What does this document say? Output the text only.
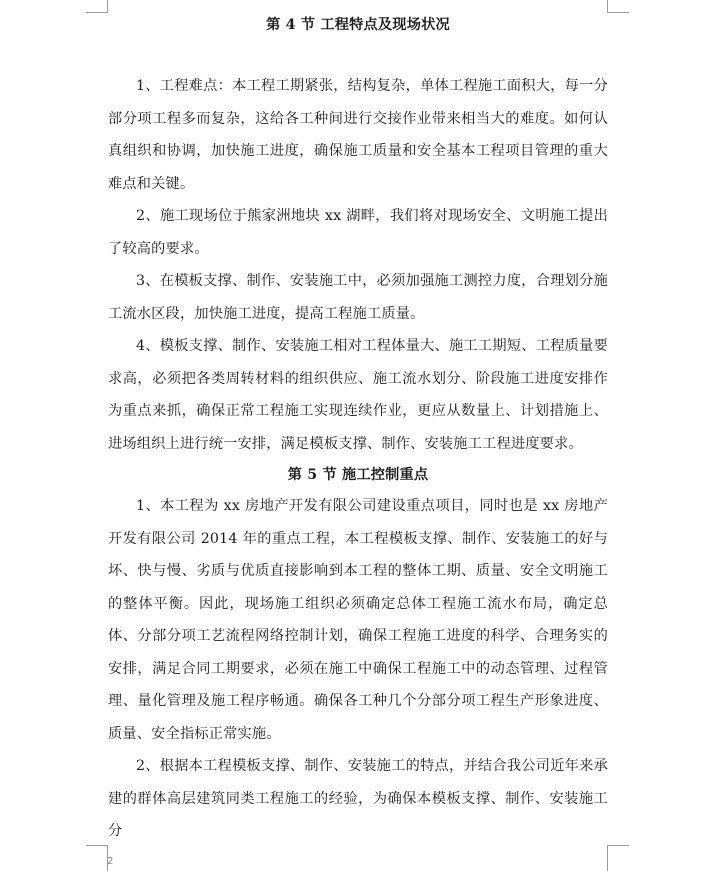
2
第 4 节 工程特点及现场状况

1、工程难点：本工程工期紧张，结构复杂，单体工程施工面积大，每一分部分项工程多而复杂，这给各工种间进行交接作业带来相当大的难度。如何认真组织和协调，加快施工进度，确保施工质量和安全基本工程项目管理的重大难点和关键。

2、施工现场位于熊家洲地块 xx 湖畔，我们将对现场安全、文明施工提出了较高的要求。

3、在模板支撑、制作、安装施工中，必须加强施工测控力度，合理划分施工流水区段，加快施工进度，提高工程施工质量。

4、模板支撑、制作、安装施工相对工程体量大、施工工期短、工程质量要求高，必须把各类周转材料的组织供应、施工流水划分、阶段施工进度安排作为重点来抓，确保正常工程施工实现连续作业，更应从数量上、计划措施上、进场组织上进行统一安排，满足模板支撑、制作、安装施工工程进度要求。

第 5 节 施工控制重点

1、本工程为 xx 房地产开发有限公司建设重点项目，同时也是 xx 房地产开发有限公司 2014 年的重点工程，本工程模板支撑、制作、安装施工的好与坏、快与慢、劣质与优质直接影响到本工程的整体工期、质量、安全文明施工的整体平衡。因此，现场施工组织必须确定总体工程施工流水布局，确定总体、分部分项工艺流程网络控制计划，确保工程施工进度的科学、合理务实的安排，满足合同工期要求，必须在施工中确保工程施工中的动态管理、过程管理、量化管理及施工程序畅通。确保各工种几个分部分项工程生产形象进度、质量、安全指标正常实施。

2、根据本工程模板支撑、制作、安装施工的特点，并结合我公司近年来承建的群体高层建筑同类工程施工的经验，为确保本模板支撑、制作、安装施工分
